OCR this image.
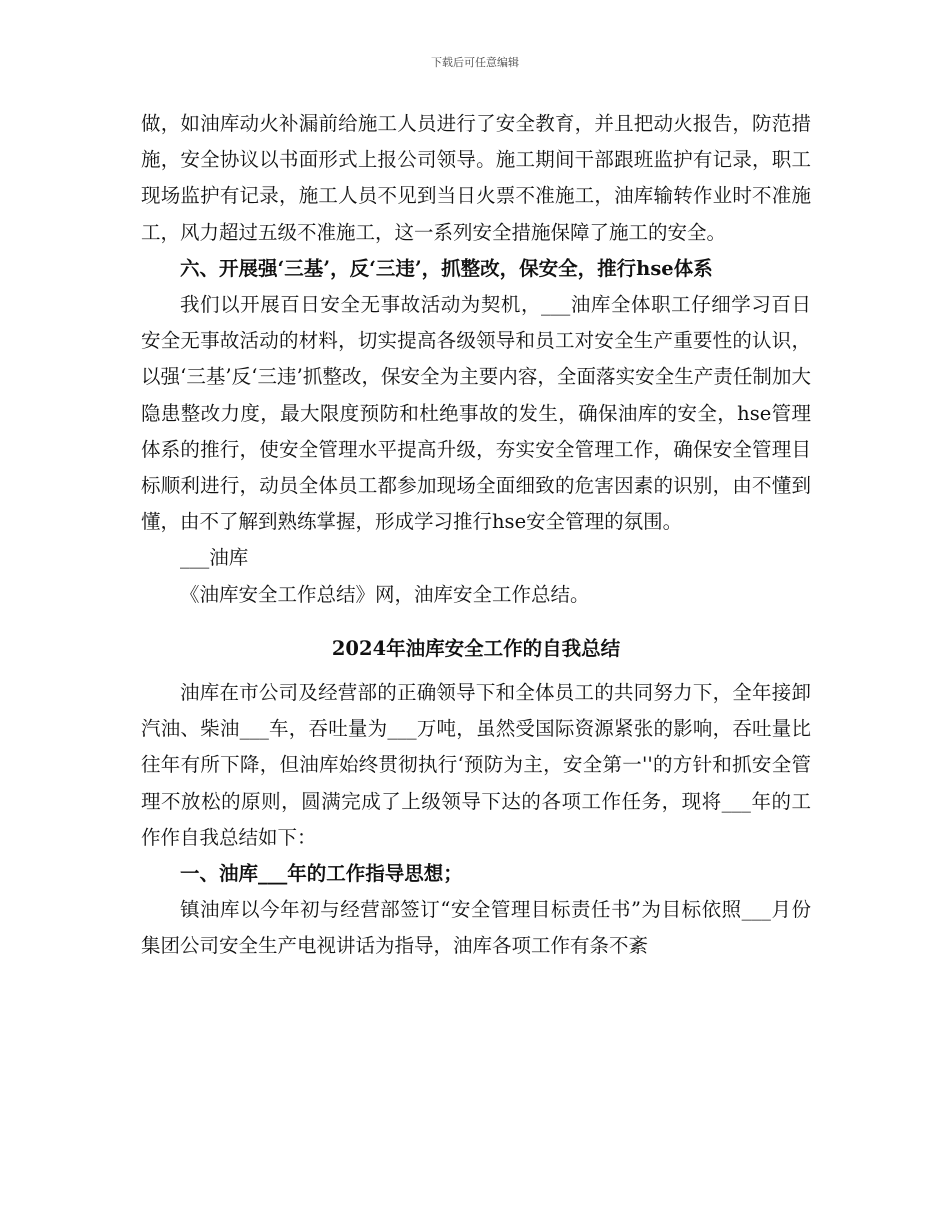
下载后可任意编辑

做，如油库动火补漏前给施工人员进行了安全教育，并且把动火报告，防范措施，安全协议以书面形式上报公司领导。施工期间干部跟班监护有记录，职工现场监护有记录，施工人员不见到当日火票不准施工，油库输转作业时不准施工，风力超过五级不准施工，这一系列安全措施保障了施工的安全。

六、开展强‘三基’，反‘三违’，抓整改，保安全，推行hse体系

我们以开展百日安全无事故活动为契机，___油库全体职工仔细学习百日安全无事故活动的材料，切实提高各级领导和员工对安全生产重要性的认识，以强‘三基’反‘三违’抓整改，保安全为主要内容，全面落实安全生产责任制加大隐患整改力度，最大限度预防和杜绝事故的发生，确保油库的安全，hse管理体系的推行，使安全管理水平提高升级，夯实安全管理工作，确保安全管理目标顺利进行，动员全体员工都参加现场全面细致的危害因素的识别，由不懂到懂，由不了解到熟练掌握，形成学习推行hse安全管理的氛围。

___油库

《油库安全工作总结》网，油库安全工作总结。

2024年油库安全工作的自我总结

油库在市公司及经营部的正确领导下和全体员工的共同努力下，全年接卸汽油、柴油___车，吞吐量为___万吨，虽然受国际资源紧张的影响，吞吐量比往年有所下降，但油库始终贯彻执行‘预防为主，安全第一''的方针和抓安全管理不放松的原则，圆满完成了上级领导下达的各项工作任务，现将___年的工作作自我总结如下：

一、油库___年的工作指导思想；

镇油库以今年初与经营部签订“安全管理目标责任书”为目标依照___月份集团公司安全生产电视讲话为指导，油库各项工作有条不紊
